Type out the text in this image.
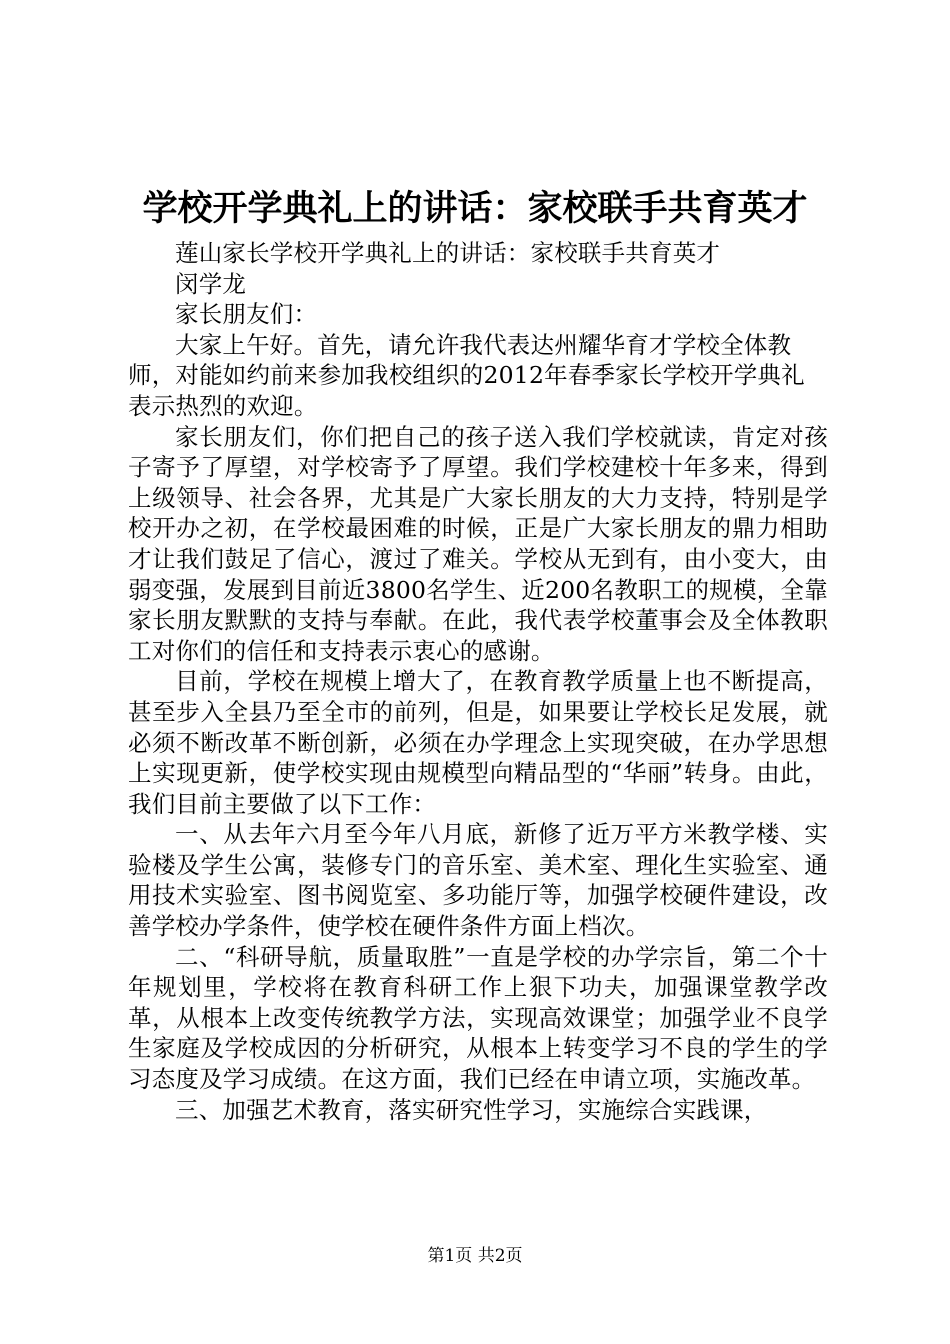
学校开学典礼上的讲话：家校联手共育英才

莲山家长学校开学典礼上的讲话：家校联手共育英才

闵学龙

家长朋友们：

大家上午好。首先，请允许我代表达州耀华育才学校全体教师，对能如约前来参加我校组织的2012年春季家长学校开学典礼表示热烈的欢迎。

家长朋友们，你们把自己的孩子送入我们学校就读，肯定对孩子寄予了厚望，对学校寄予了厚望。我们学校建校十年多来，得到上级领导、社会各界，尤其是广大家长朋友的大力支持，特别是学校开办之初，在学校最困难的时候，正是广大家长朋友的鼎力相助才让我们鼓足了信心，渡过了难关。学校从无到有，由小变大，由弱变强，发展到目前近3800名学生、近200名教职工的规模，全靠家长朋友默默的支持与奉献。在此，我代表学校董事会及全体教职工对你们的信任和支持表示衷心的感谢。

目前，学校在规模上增大了，在教育教学质量上也不断提高，甚至步入全县乃至全市的前列，但是，如果要让学校长足发展，就必须不断改革不断创新，必须在办学理念上实现突破，在办学思想上实现更新，使学校实现由规模型向精品型的“华丽”转身。由此，我们目前主要做了以下工作：

一、从去年六月至今年八月底，新修了近万平方米教学楼、实验楼及学生公寓，装修专门的音乐室、美术室、理化生实验室、通用技术实验室、图书阅览室、多功能厅等，加强学校硬件建设，改善学校办学条件，使学校在硬件条件方面上档次。

二、“科研导航，质量取胜”一直是学校的办学宗旨，第二个十年规划里，学校将在教育科研工作上狠下功夫，加强课堂教学改革，从根本上改变传统教学方法，实现高效课堂；加强学业不良学生家庭及学校成因的分析研究，从根本上转变学习不良的学生的学习态度及学习成绩。在这方面，我们已经在申请立项，实施改革。

三、加强艺术教育，落实研究性学习，实施综合实践课，

第1页 共2页
